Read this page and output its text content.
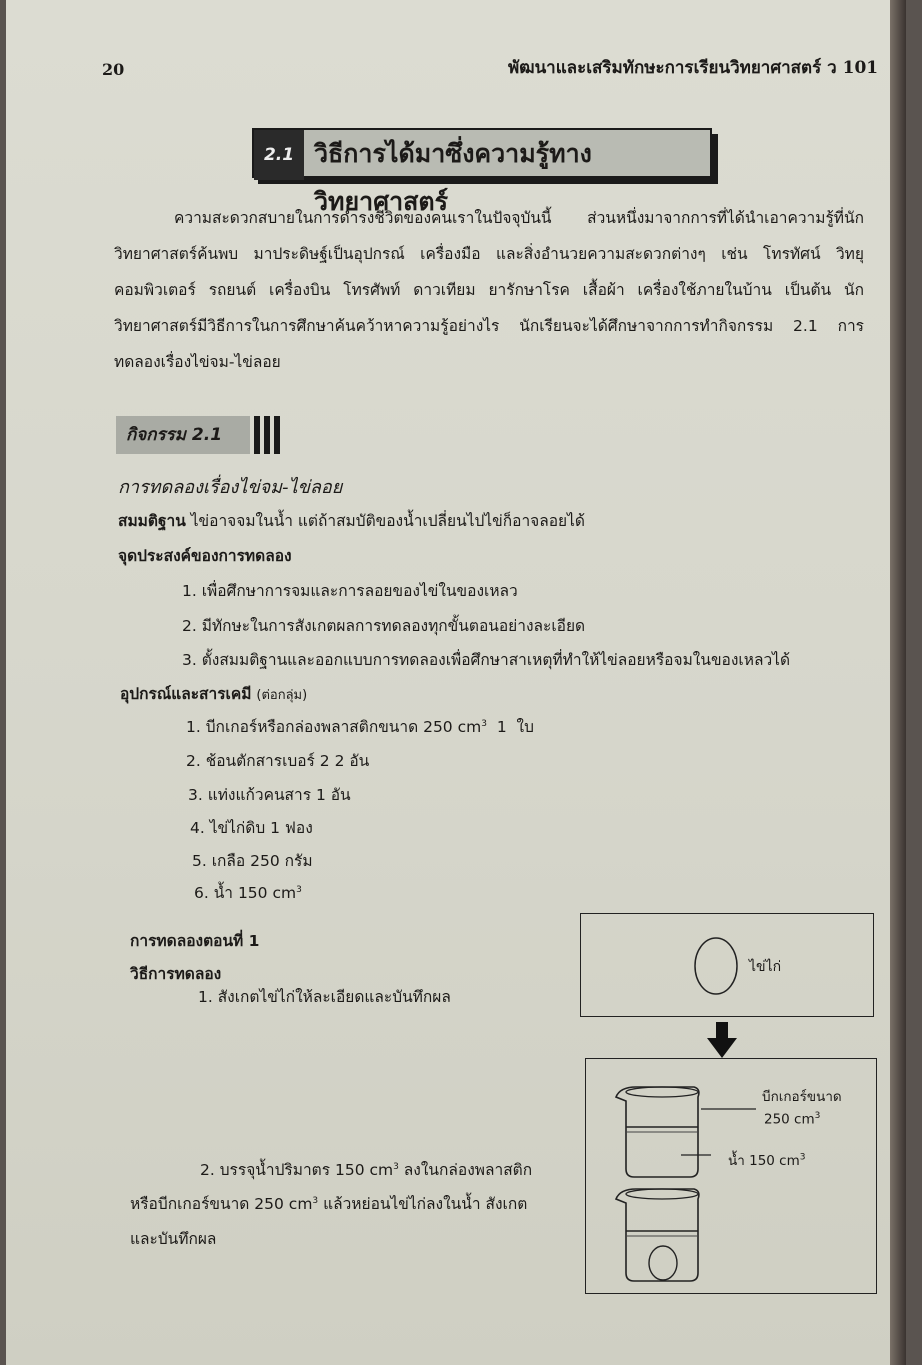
20	พัฒนาและเสริมทักษะการเรียนวิทยาศาสตร์ ว 101
2.1 วิธีการได้มาซึ่งความรู้ทางวิทยาศาสตร์
ความสะดวกสบายในการดำรงชีวิตของคนเราในปัจจุบันนี้ ส่วนหนึ่งมาจากการที่ได้นำเอาความรู้ที่นักวิทยาศาสตร์ค้นพบ มาประดิษฐ์เป็นอุปกรณ์ เครื่องมือ และสิ่งอำนวยความสะดวกต่างๆ เช่น โทรทัศน์ วิทยุ คอมพิวเตอร์ รถยนต์ เครื่องบิน โทรศัพท์ ดาวเทียม ยารักษาโรค เสื้อผ้า เครื่องใช้ภายในบ้าน เป็นต้น นักวิทยาศาสตร์มีวิธีการในการศึกษาค้นคว้าหาความรู้อย่างไร นักเรียนจะได้ศึกษาจากการทำกิจกรรม 2.1 การทดลองเรื่องไข่จม-ไข่ลอย
กิจกรรม 2.1
การทดลองเรื่องไข่จม-ไข่ลอย
สมมติฐาน ไข่อาจจมในน้ำ แต่ถ้าสมบัติของน้ำเปลี่ยนไปไข่ก็อาจลอยได้
จุดประสงค์ของการทดลอง
1. เพื่อศึกษาการจมและการลอยของไข่ในของเหลว
2. มีทักษะในการสังเกตผลการทดลองทุกขั้นตอนอย่างละเอียด
3. ตั้งสมมติฐานและออกแบบการทดลองเพื่อศึกษาสาเหตุที่ทำให้ไข่ลอยหรือจมในของเหลวได้
อุปกรณ์และสารเคมี (ต่อกลุ่ม)
1. บีกเกอร์หรือกล่องพลาสติกขนาด 250 $cm^3$  1  ใบ
2. ช้อนตักสารเบอร์ 2 2 อัน
3. แท่งแก้วคนสาร 1 อัน
4. ไข่ไก่ดิบ 1 ฟอง
5. เกลือ 250 กรัม
6. น้ำ 150 $cm^3$
การทดลองตอนที่ 1
วิธีการทดลอง
1. สังเกตไข่ไก่ให้ละเอียดและบันทึกผล
2. บรรจุน้ำปริมาตร 150 $cm^3$ ลงในกล่องพลาสติก
หรือบีกเกอร์ขนาด 250 $cm^3$ แล้วหย่อนไข่ไก่ลงในน้ำ สังเกต
และบันทึกผล
ไข่ไก่
บีกเกอร์ขนาด
250 $cm^3$
น้ำ 150 $cm^3$
